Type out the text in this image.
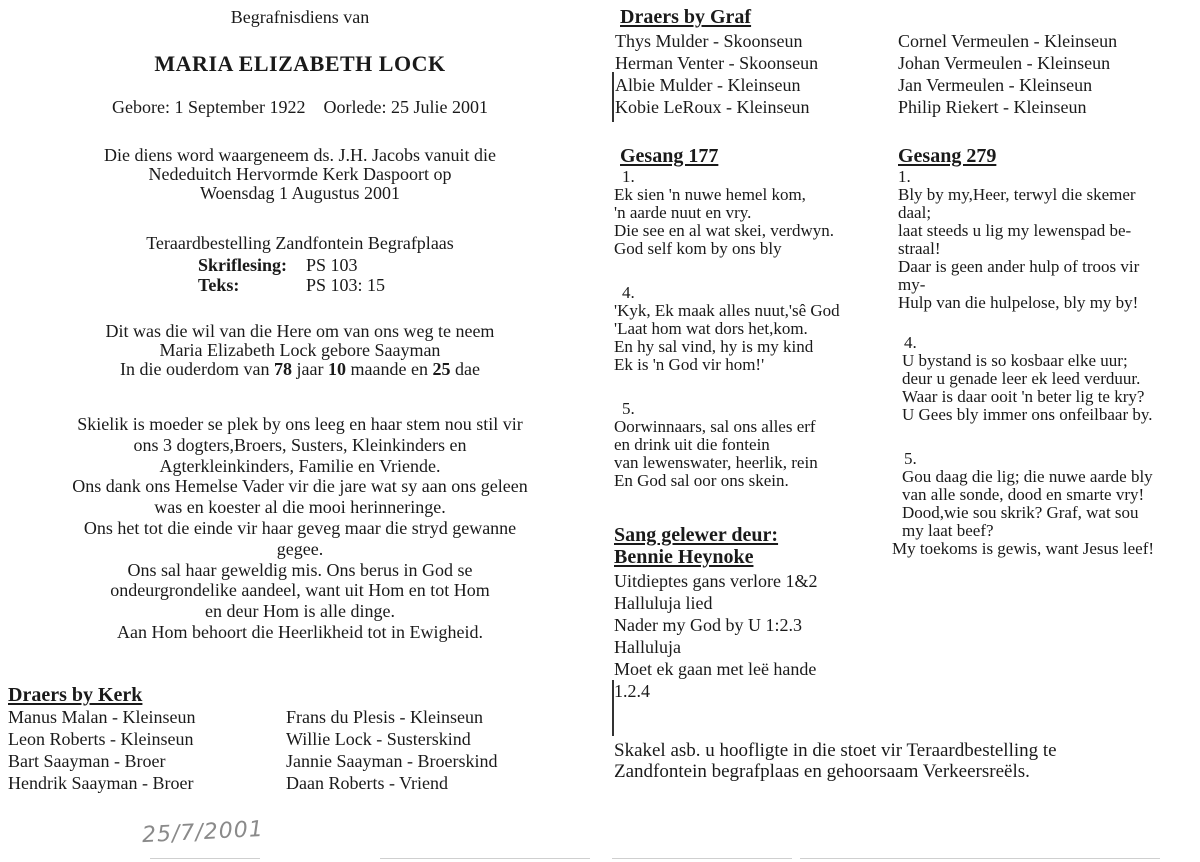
Begrafnisdiens van
MARIA ELIZABETH LOCK
Gebore: 1 September 1922 Oorlede: 25 Julie 2001
Die diens word waargeneem ds. J.H. Jacobs vanuit die
Nededuitch Hervormde Kerk Daspoort op
Woensdag 1 Augustus 2001
Teraardbestelling Zandfontein Begrafplaas
Skriflesing: PS 103
Teks:	PS 103: 15
Dit was die wil van die Here om van ons weg te neem
Maria Elizabeth Lock gebore Saayman
In die ouderdom van 78 jaar 10 maande en 25 dae
Skielik is moeder se plek by ons leeg en haar stem nou stil vir
ons 3 dogters,Broers, Susters, Kleinkinders en
Agterkleinkinders, Familie en Vriende.
Ons dank ons Hemelse Vader vir die jare wat sy aan ons geleen
was en koester al die mooi herinneringe.
Ons het tot die einde vir haar geveg maar die stryd gewanne
gegee.
Ons sal haar geweldig mis. Ons berus in God se
ondeurgrondelike aandeel, want uit Hom en tot Hom
en deur Hom is alle dinge.
Aan Hom behoort die Heerlikheid tot in Ewigheid.
Draers by Kerk
Manus Malan - Kleinseun
Leon Roberts - Kleinseun
Bart Saayman - Broer
Hendrik Saayman - Broer
Frans du Plesis - Kleinseun
Willie Lock - Susterskind
Jannie Saayman - Broerskind
Daan Roberts - Vriend
25/7/2001
Draers by Graf
Thys Mulder - Skoonseun
Herman Venter - Skoonseun
Albie Mulder - Kleinseun
Kobie LeRoux - Kleinseun
Cornel Vermeulen - Kleinseun
Johan Vermeulen - Kleinseun
Jan Vermeulen - Kleinseun
Philip Riekert - Kleinseun
Gesang 177
1.
Ek sien 'n nuwe hemel kom,
'n aarde nuut en vry.
Die see en al wat skei, verdwyn.
God self kom by ons bly
4.
'Kyk, Ek maak alles nuut,'sê God
'Laat hom wat dors het,kom.
En hy sal vind, hy is my kind
Ek is 'n God vir hom!'
5.
Oorwinnaars, sal ons alles erf
en drink uit die fontein
van lewenswater, heerlik, rein
En God sal oor ons skein.
Gesang 279
1.
Bly by my,Heer, terwyl die skemer
daal;
laat steeds u lig my lewenspad be-
straal!
Daar is geen ander hulp of troos vir
my-
Hulp van die hulpelose, bly my by!
4.
U bystand is so kosbaar elke uur;
deur u genade leer ek leed verduur.
Waar is daar ooit 'n beter lig te kry?
U Gees bly immer ons onfeilbaar by.
5.
Gou daag die lig; die nuwe aarde bly
van alle sonde, dood en smarte vry!
Dood,wie sou skrik? Graf, wat sou
my laat beef?
My toekoms is gewis, want Jesus leef!
Sang gelewer deur:
Bennie Heynoke
Uitdieptes gans verlore 1&2
Halluluja lied
Nader my God by U 1:2.3
Halluluja
Moet ek gaan met leë hande
1.2.4
Skakel asb. u hoofligte in die stoet vir Teraardbestelling te
Zandfontein begrafplaas en gehoorsaam Verkeersreëls.
